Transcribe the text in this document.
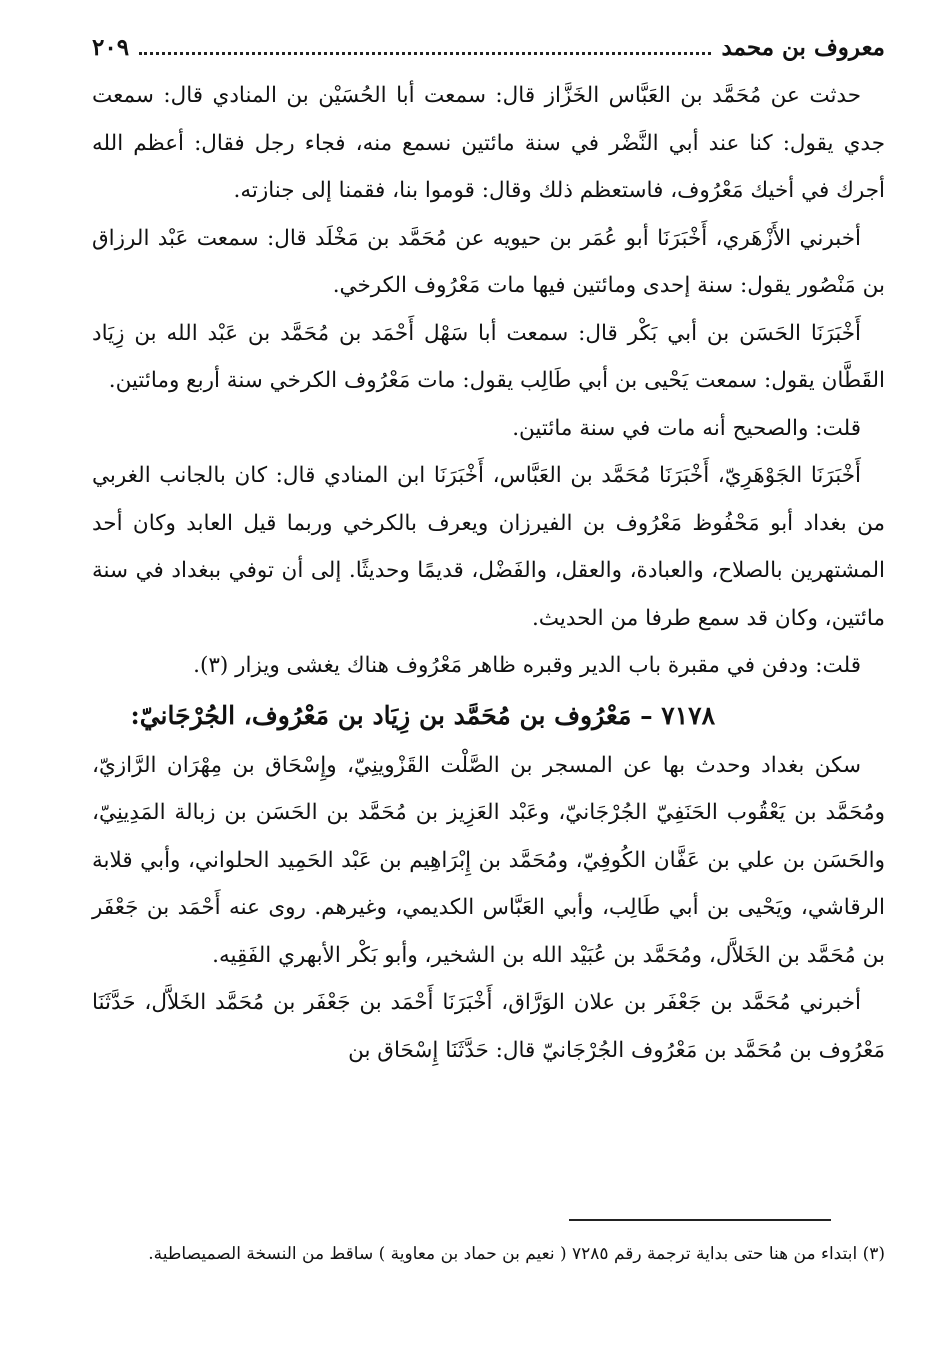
معروف بن محمد
٢٠٩

حدثت عن مُحَمَّد بن العَبَّاس الخَزَّاز قال: سمعت أبا الحُسَيْن بن المنادي قال: سمعت جدي يقول: كنا عند أبي النَّضْر في سنة مائتين نسمع منه، فجاء رجل فقال: أعظم الله أجرك في أخيك مَعْرُوف، فاستعظم ذلك وقال: قوموا بنا، فقمنا إلى جنازته.

أخبرني الأَزْهَري، أَخْبَرَنَا أبو عُمَر بن حيويه عن مُحَمَّد بن مَخْلَد قال: سمعت عَبْد الرزاق بن مَنْصُور يقول: سنة إحدى ومائتين فيها مات مَعْرُوف الكرخي.

أَخْبَرَنَا الحَسَن بن أبي بَكْر قال: سمعت أبا سَهْل أَحْمَد بن مُحَمَّد بن عَبْد الله بن زِيَاد القَطَّان يقول: سمعت يَحْيى بن أبي طَالِب يقول: مات مَعْرُوف الكرخي سنة أربع ومائتين.

قلت: والصحيح أنه مات في سنة مائتين.

أَخْبَرَنَا الجَوْهَرِيّ، أَخْبَرَنَا مُحَمَّد بن العَبَّاس، أَخْبَرَنَا ابن المنادي قال: كان بالجانب الغربي من بغداد أبو مَحْفُوظ مَعْرُوف بن الفيرزان ويعرف بالكرخي وربما قيل العابد وكان أحد المشتهرين بالصلاح، والعبادة، والعقل، والفَضْل، قديمًا وحديثًا. إلى أن توفي ببغداد في سنة مائتين، وكان قد سمع طرفا من الحديث.

قلت: ودفن في مقبرة باب الدير وقبره ظاهر مَعْرُوف هناك يغشى ويزار (٣).

٧١٧٨ – مَعْرُوف بن مُحَمَّد بن زِيَاد بن مَعْرُوف، الجُرْجَانيّ:

سكن بغداد وحدث بها عن المسجر بن الصَّلْت القَزْوينِيّ، وإِسْحَاق بن مِهْرَان الرَّازيّ، ومُحَمَّد بن يَعْقُوب الحَنَفِيّ الجُرْجَانيّ، وعَبْد العَزِيز بن مُحَمَّد بن الحَسَن بن زبالة المَدِينِيّ، والحَسَن بن علي بن عَفَّان الكُوفِيّ، ومُحَمَّد بن إِبْرَاهِيم بن عَبْد الحَمِيد الحلواني، وأبي قلابة الرقاشي، ويَحْيى بن أبي طَالِب، وأبي العَبَّاس الكديمي، وغيرهم. روى عنه أَحْمَد بن جَعْفَر بن مُحَمَّد بن الخَلاَّل، ومُحَمَّد بن عُبَيْد الله بن الشخير، وأبو بَكْر الأبهري الفَقِيه.

أخبرني مُحَمَّد بن جَعْفَر بن علان الوَرَّاق، أَخْبَرَنَا أَحْمَد بن جَعْفَر بن مُحَمَّد الخَلاَّل، حَدَّثَنَا مَعْرُوف بن مُحَمَّد بن مَعْرُوف الجُرْجَانيّ قال: حَدَّثَنَا إِسْحَاق بن

(٣) ابتداء من هنا حتى بداية ترجمة رقم ٧٢٨٥ ( نعيم بن حماد بن معاوية ) ساقط من النسخة الصميصاطية.
